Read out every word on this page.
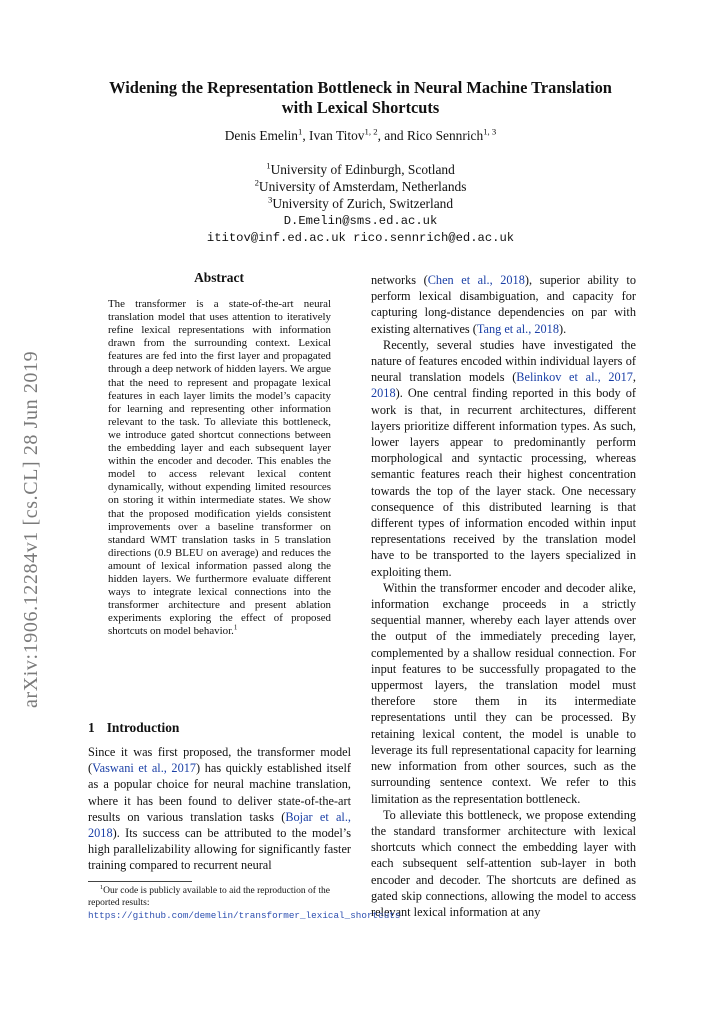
arXiv:1906.12284v1 [cs.CL] 28 Jun 2019
Widening the Representation Bottleneck in Neural Machine Translation
with Lexical Shortcuts
Denis Emelin$^1$, Ivan Titov$^{1, 2}$, and Rico Sennrich$^{1, 3}$
$^1$University of Edinburgh, Scotland
$^2$University of Amsterdam, Netherlands
$^3$University of Zurich, Switzerland
D.Emelin@sms.ed.ac.uk
ititov@inf.ed.ac.uk rico.sennrich@ed.ac.uk
Abstract
The transformer is a state-of-the-art neural translation model that uses attention to iteratively refine lexical representations with information drawn from the surrounding context. Lexical features are fed into the first layer and propagated through a deep network of hidden layers. We argue that the need to represent and propagate lexical features in each layer limits the model’s capacity for learning and representing other information relevant to the task. To alleviate this bottleneck, we introduce gated shortcut connections between the embedding layer and each subsequent layer within the encoder and decoder. This enables the model to access relevant lexical content dynamically, without expending limited resources on storing it within intermediate states. We show that the proposed modification yields consistent improvements over a baseline transformer on standard WMT translation tasks in 5 translation directions (0.9 BLEU on average) and reduces the amount of lexical information passed along the hidden layers. We furthermore evaluate different ways to integrate lexical connections into the transformer architecture and present ablation experiments exploring the effect of proposed shortcuts on model behavior.$^1$
1 Introduction

Since it was first proposed, the transformer model (Vaswani et al., 2017) has quickly established itself as a popular choice for neural machine translation, where it has been found to deliver state-of-the-art results on various translation tasks (Bojar et al., 2018). Its success can be attributed to the model’s high parallelizability allowing for significantly faster training compared to recurrent neural

networks (Chen et al., 2018), superior ability to perform lexical disambiguation, and capacity for capturing long-distance dependencies on par with existing alternatives (Tang et al., 2018).

Recently, several studies have investigated the nature of features encoded within individual layers of neural translation models (Belinkov et al., 2017, 2018). One central finding reported in this body of work is that, in recurrent architectures, different layers prioritize different information types. As such, lower layers appear to predominantly perform morphological and syntactic processing, whereas semantic features reach their highest concentration towards the top of the layer stack. One necessary consequence of this distributed learning is that different types of information encoded within input representations received by the translation model have to be transported to the layers specialized in exploiting them.

Within the transformer encoder and decoder alike, information exchange proceeds in a strictly sequential manner, whereby each layer attends over the output of the immediately preceding layer, complemented by a shallow residual connection. For input features to be successfully propagated to the uppermost layers, the translation model must therefore store them in its intermediate representations until they can be processed. By retaining lexical content, the model is unable to leverage its full representational capacity for learning new information from other sources, such as the surrounding sentence context. We refer to this limitation as the representation bottleneck.

To alleviate this bottleneck, we propose extending the standard transformer architecture with lexical shortcuts which connect the embedding layer with each subsequent self-attention sub-layer in both encoder and decoder. The shortcuts are defined as gated skip connections, allowing the model to access relevant lexical information at any

$^1$Our code is publicly available to aid the reproduction of the reported results: https://github.com/demelin/transformer_lexical_shortcuts
